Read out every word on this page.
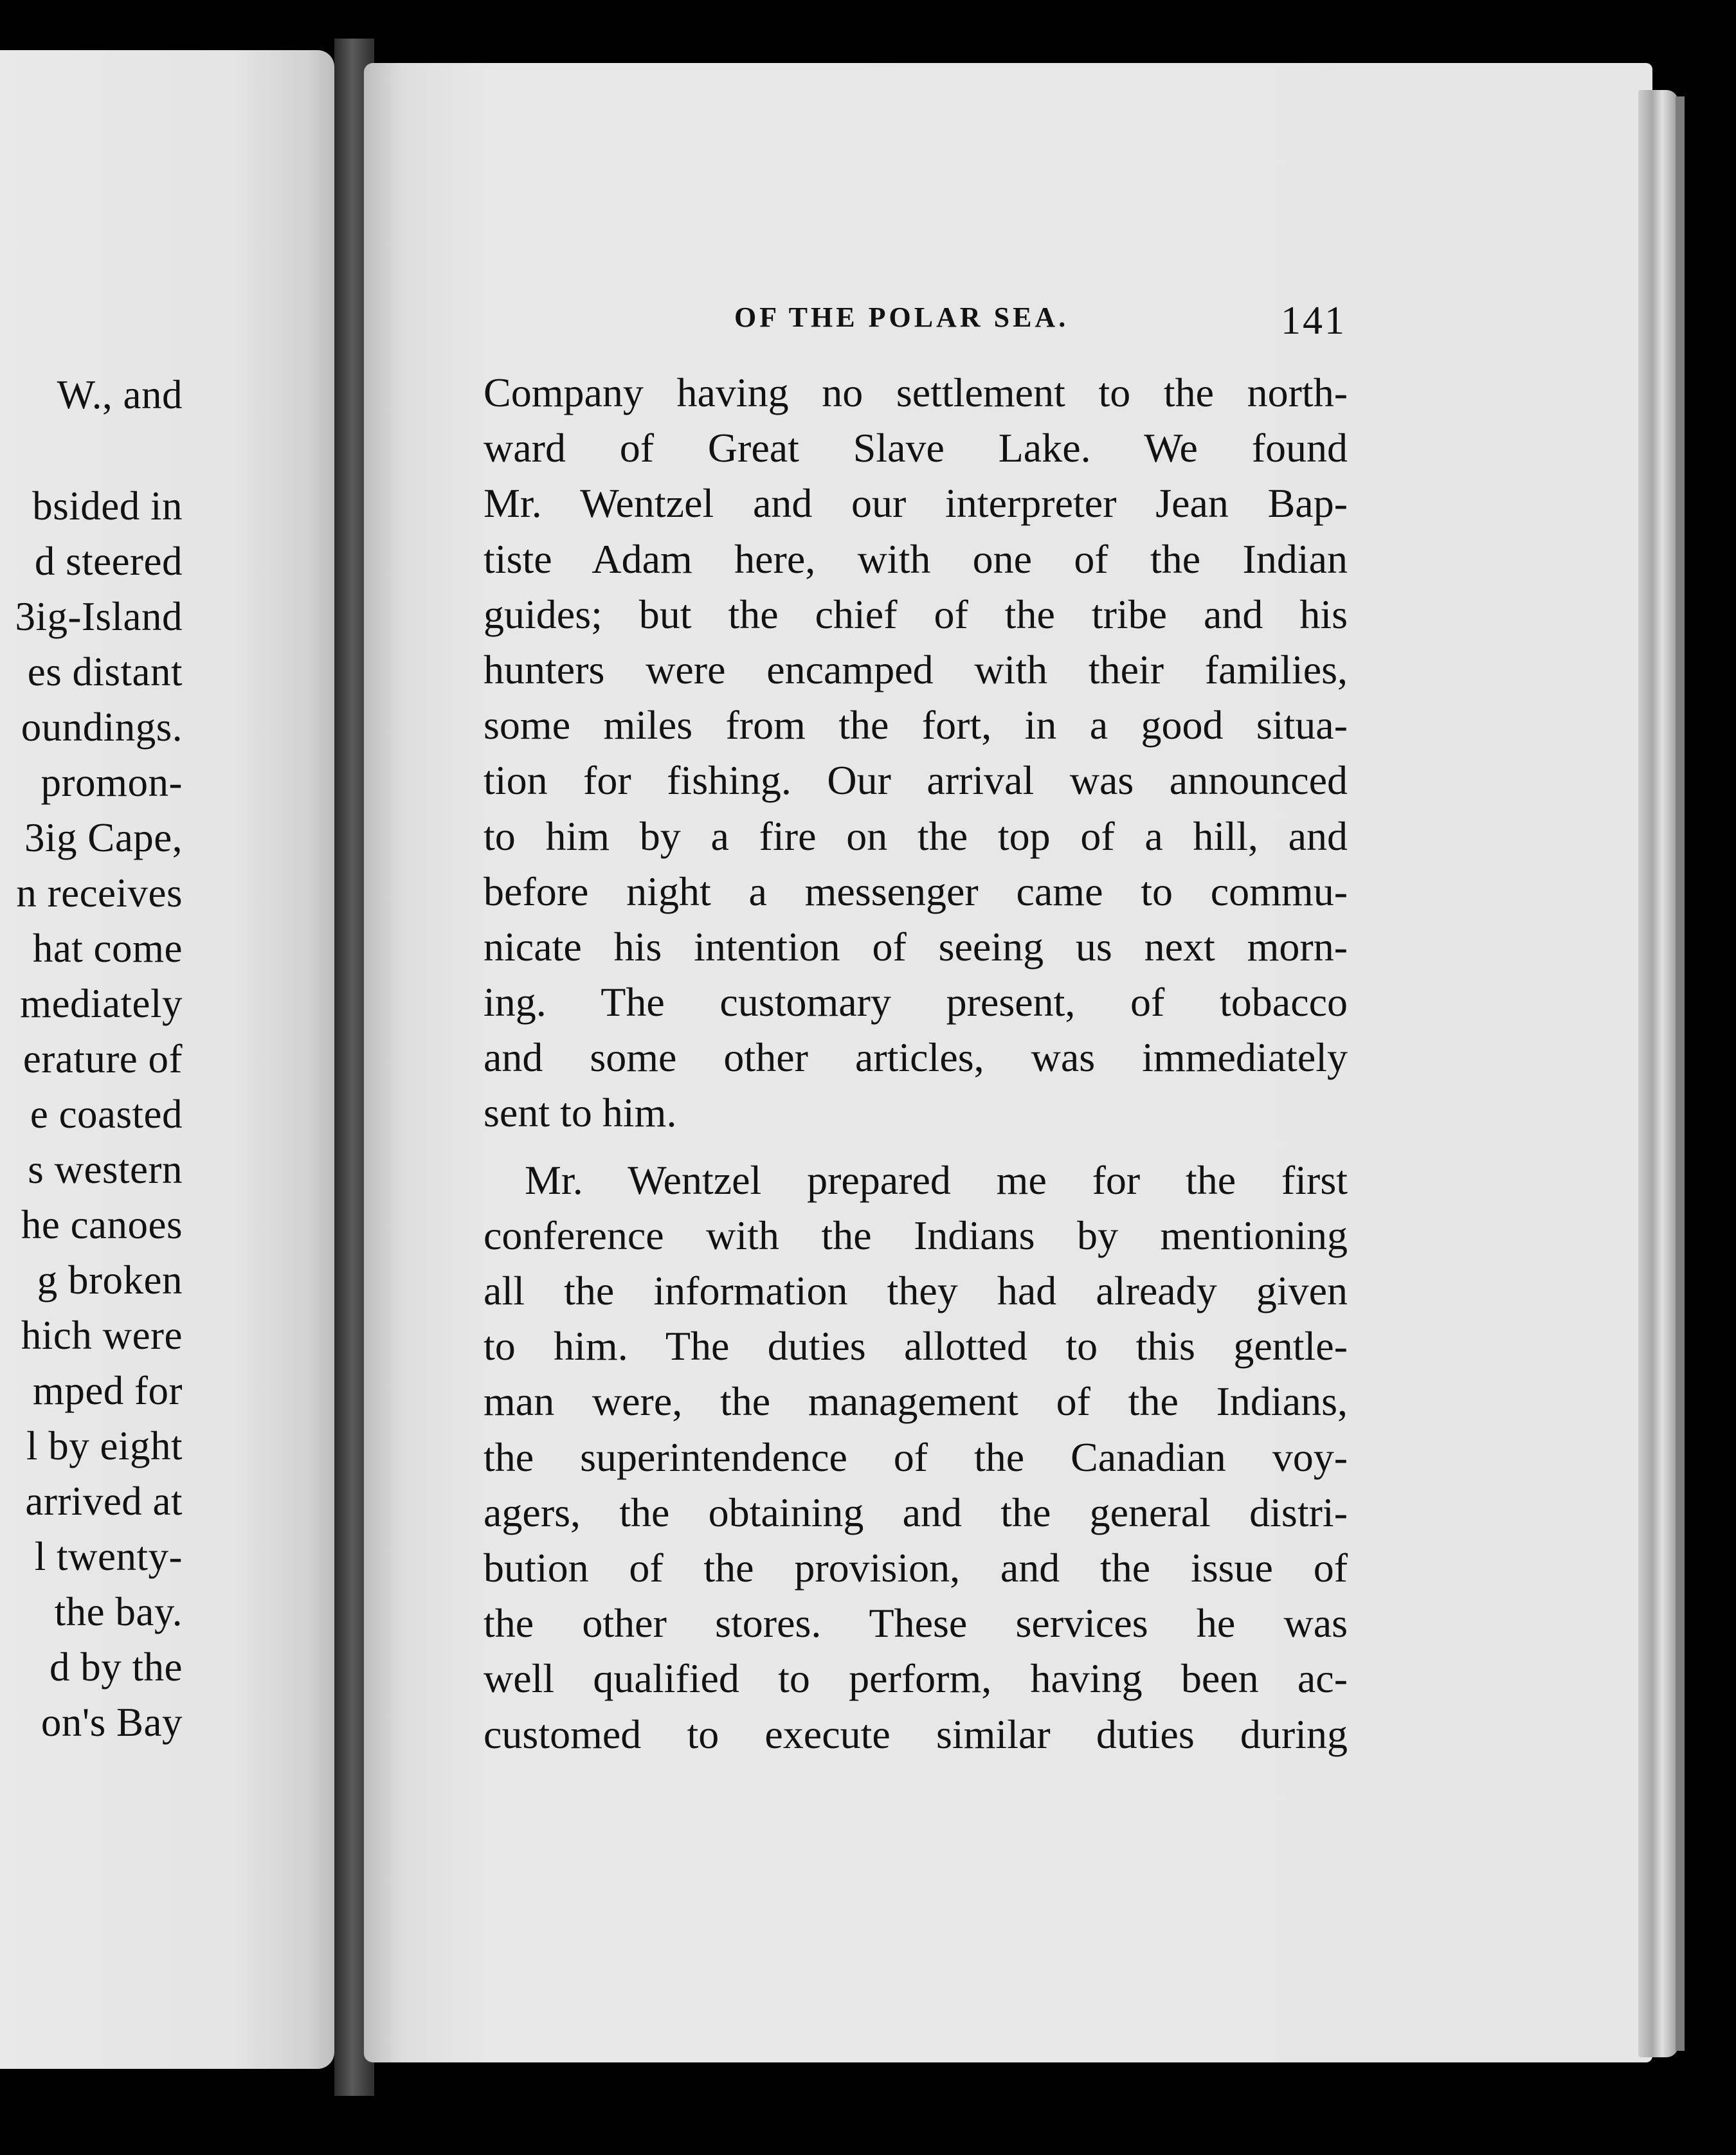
W., and
bsided in
d steered
3ig-Island
es distant
oundings.
promon-
3ig Cape,
n receives
hat come
mediately
erature of
e coasted
s western
he canoes
g broken
hich were
mped for
l by eight
arrived at
l twenty-
the bay.
d by the
on's Bay
OF THE POLAR SEA.	141
Company having no settlement to the north-
ward of Great Slave Lake. We found
Mr. Wentzel and our interpreter Jean Bap-
tiste Adam here, with one of the Indian
guides; but the chief of the tribe and his
hunters were encamped with their families,
some miles from the fort, in a good situa-
tion for fishing. Our arrival was announced
to him by a fire on the top of a hill, and
before night a messenger came to commu-
nicate his intention of seeing us next morn-
ing. The customary present, of tobacco
and some other articles, was immediately
sent to him.
Mr. Wentzel prepared me for the first
conference with the Indians by mentioning
all the information they had already given
to him. The duties allotted to this gentle-
man were, the management of the Indians,
the superintendence of the Canadian voy-
agers, the obtaining and the general distri-
bution of the provision, and the issue of
the other stores. These services he was
well qualified to perform, having been ac-
customed to execute similar duties during
